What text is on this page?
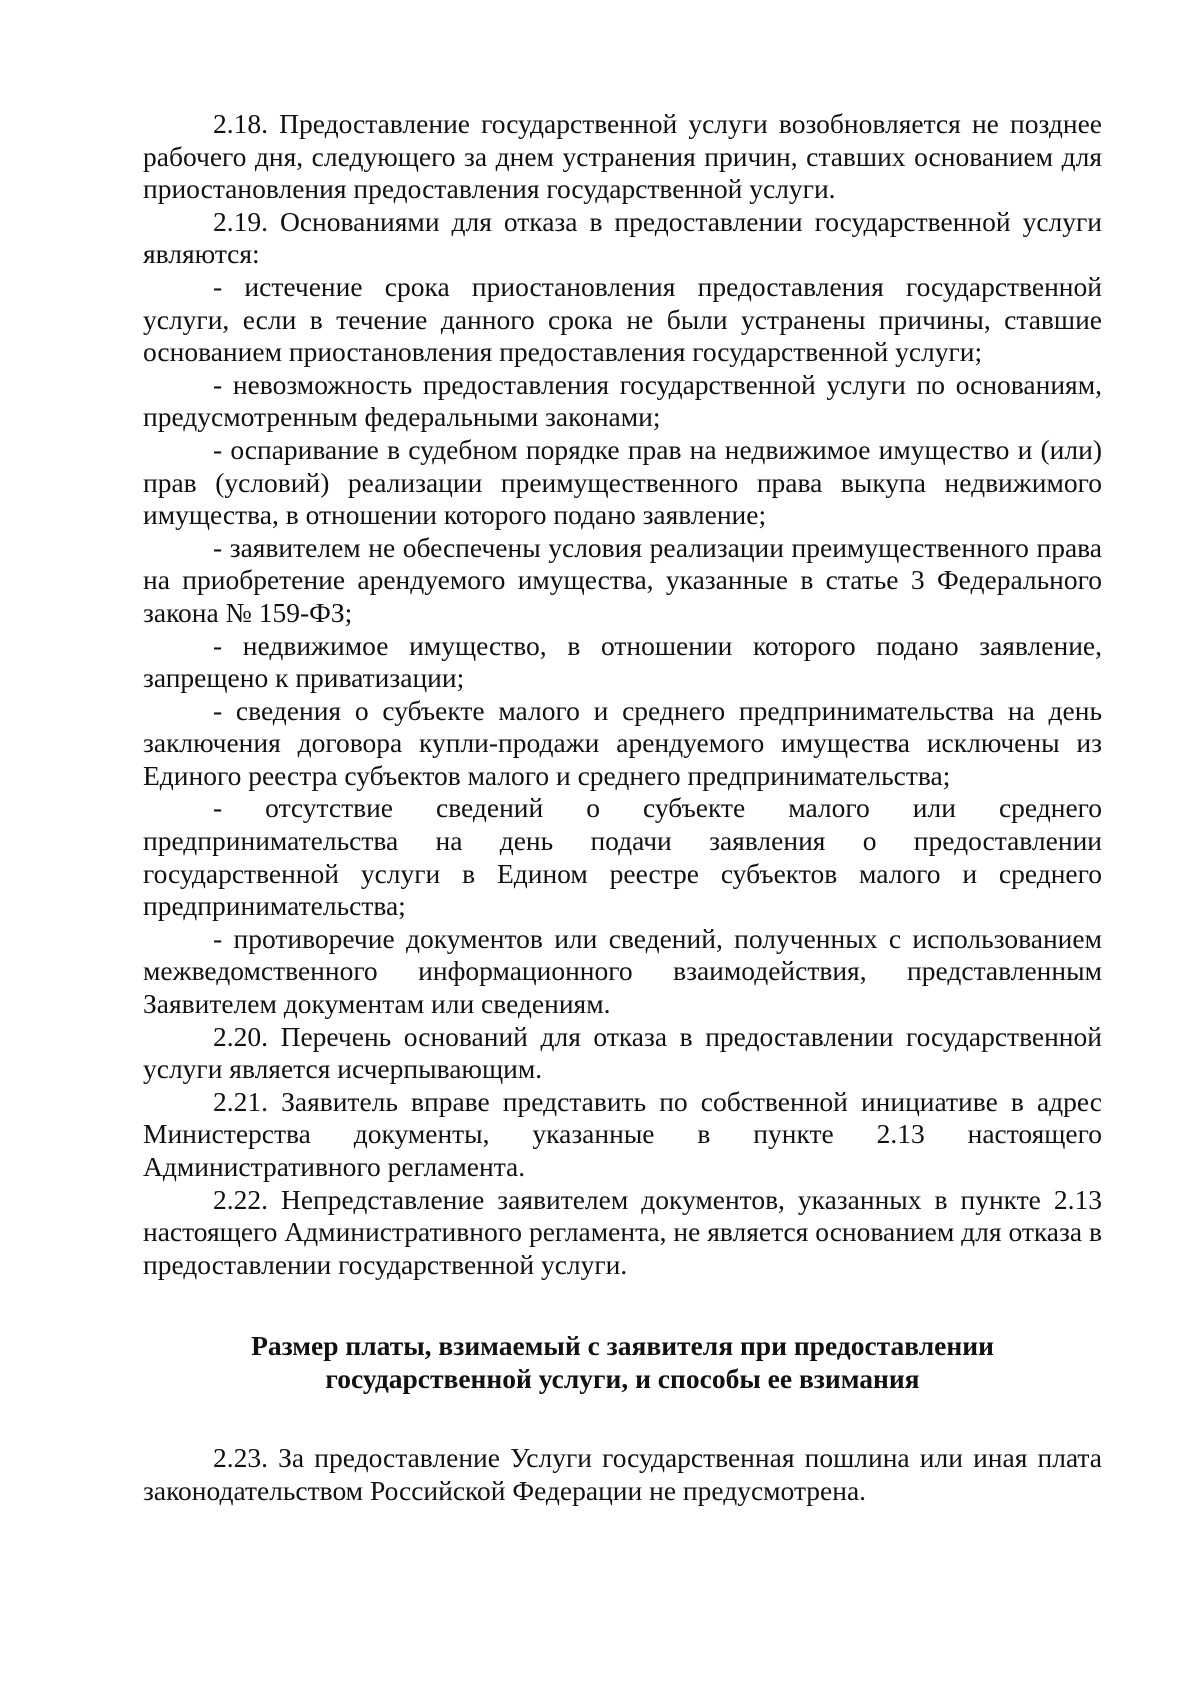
2.18. Предоставление государственной услуги возобновляется не позднее рабочего дня, следующего за днем устранения причин, ставших основанием для приостановления предоставления государственной услуги.

2.19. Основаниями для отказа в предоставлении государственной услуги являются:

- истечение срока приостановления предоставления государственной услуги, если в течение данного срока не были устранены причины, ставшие основанием приостановления предоставления государственной услуги;

- невозможность предоставления государственной услуги по основаниям, предусмотренным федеральными законами;

- оспаривание в судебном порядке прав на недвижимое имущество и (или) прав (условий) реализации преимущественного права выкупа недвижимого имущества, в отношении которого подано заявление;

- заявителем не обеспечены условия реализации преимущественного права на приобретение арендуемого имущества, указанные в статье 3 Федерального закона № 159-ФЗ;

- недвижимое имущество, в отношении которого подано заявление, запрещено к приватизации;

- сведения о субъекте малого и среднего предпринимательства на день заключения договора купли-продажи арендуемого имущества исключены из Единого реестра субъектов малого и среднего предпринимательства;

- отсутствие сведений о субъекте малого или среднего предпринимательства на день подачи заявления о предоставлении государственной услуги в Едином реестре субъектов малого и среднего предпринимательства;

- противоречие документов или сведений, полученных с использованием межведомственного информационного взаимодействия, представленным Заявителем документам или сведениям.

2.20. Перечень оснований для отказа в предоставлении государственной услуги является исчерпывающим.

2.21. Заявитель вправе представить по собственной инициативе в адрес Министерства документы, указанные в пункте 2.13 настоящего Административного регламента.

2.22. Непредставление заявителем документов, указанных в пункте 2.13 настоящего Административного регламента, не является основанием для отказа в предоставлении государственной услуги.

Размер платы, взимаемый с заявителя при предоставлении
государственной услуги, и способы ее взимания

2.23. За предоставление Услуги государственная пошлина или иная плата законодательством Российской Федерации не предусмотрена.
